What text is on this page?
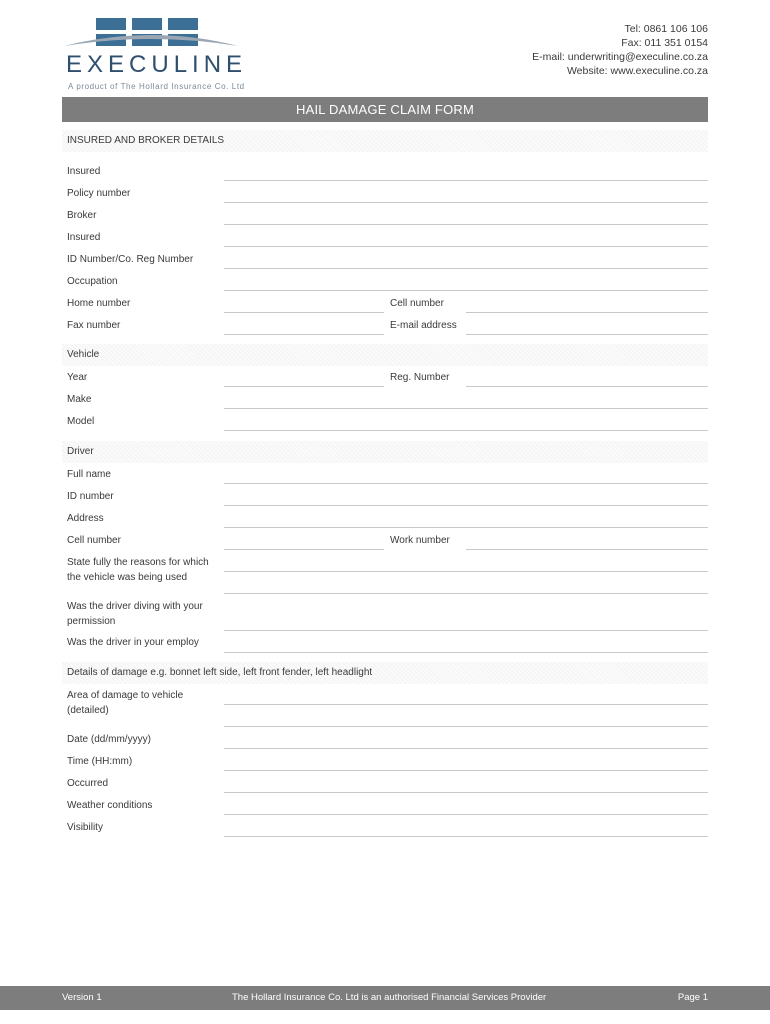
EXECULINE
A product of The Hollard Insurance Co. Ltd
Tel: 0861 106 106
Fax: 011 351 0154
E-mail: underwriting@execuline.co.za
Website: www.execuline.co.za
HAIL DAMAGE CLAIM FORM
INSURED AND BROKER DETAILS
Insured
Policy number
Broker
Insured
ID Number/Co. Reg Number
Occupation
Home number	Cell number
Fax number	E-mail address
Vehicle
Year	Reg. Number
Make
Model
Driver
Full name
ID number
Address
Cell number	Work number
State fully the reasons for which the vehicle was being used
Was the driver diving with your permission
Was the driver in your employ
Details of damage e.g. bonnet left side, left front fender, left headlight
Area of damage to vehicle (detailed)
Date (dd/mm/yyyy)
Time (HH:mm)
Occurred
Weather conditions
Visibility
Version 1	The Hollard Insurance Co. Ltd is an authorised Financial Services Provider	Page 1
